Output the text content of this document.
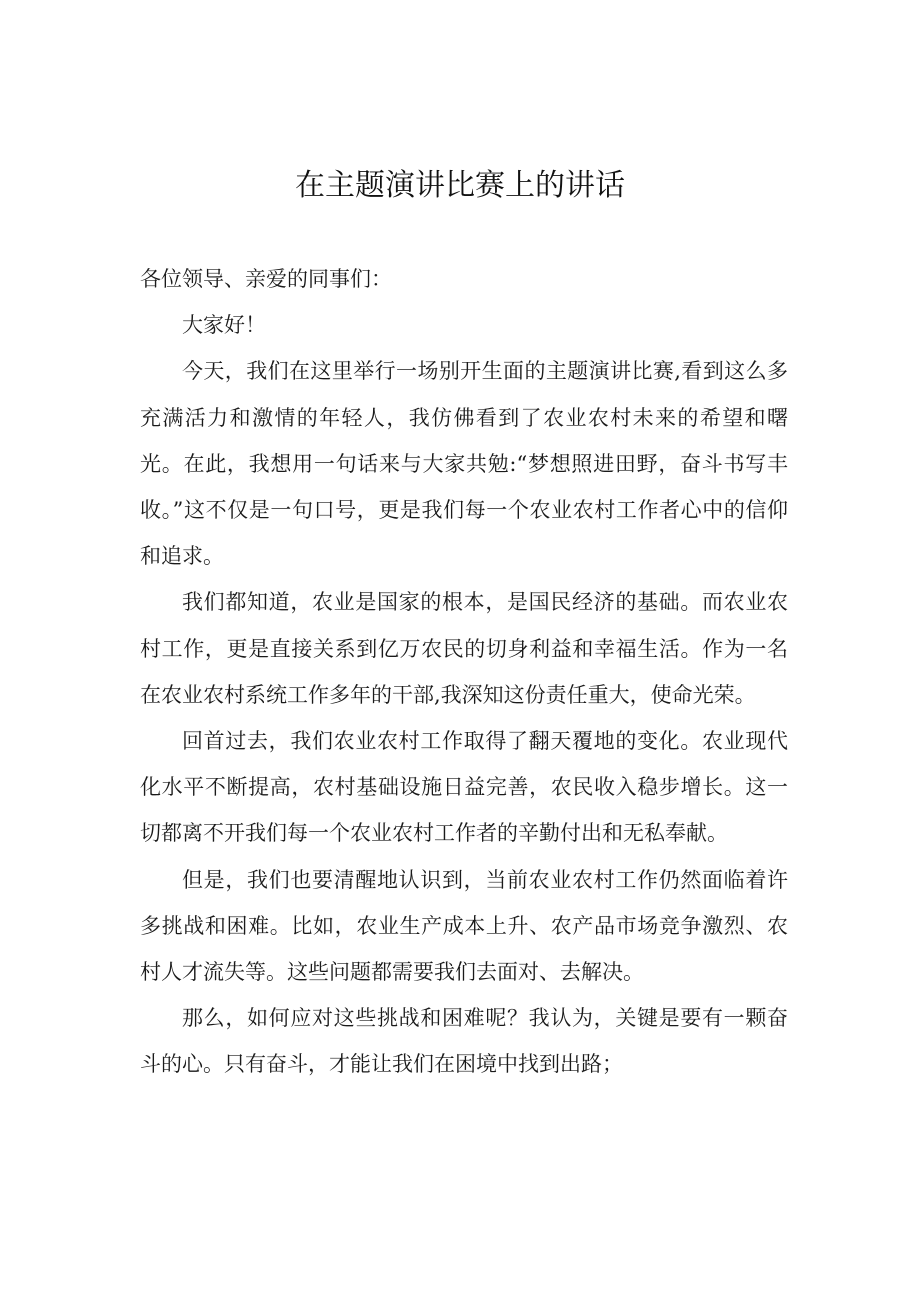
在主题演讲比赛上的讲话

各位领导、亲爱的同事们：

大家好！

今天，我们在这里举行一场别开生面的主题演讲比赛,看到这么多充满活力和激情的年轻人，我仿佛看到了农业农村未来的希望和曙光。在此，我想用一句话来与大家共勉:“梦想照进田野，奋斗书写丰收。”这不仅是一句口号，更是我们每一个农业农村工作者心中的信仰和追求。

我们都知道，农业是国家的根本，是国民经济的基础。而农业农村工作，更是直接关系到亿万农民的切身利益和幸福生活。作为一名在农业农村系统工作多年的干部,我深知这份责任重大，使命光荣。

回首过去，我们农业农村工作取得了翻天覆地的变化。农业现代化水平不断提高，农村基础设施日益完善，农民收入稳步增长。这一切都离不开我们每一个农业农村工作者的辛勤付出和无私奉献。

但是，我们也要清醒地认识到，当前农业农村工作仍然面临着许多挑战和困难。比如，农业生产成本上升、农产品市场竞争激烈、农村人才流失等。这些问题都需要我们去面对、去解决。

那么，如何应对这些挑战和困难呢？我认为，关键是要有一颗奋斗的心。只有奋斗，才能让我们在困境中找到出路；
